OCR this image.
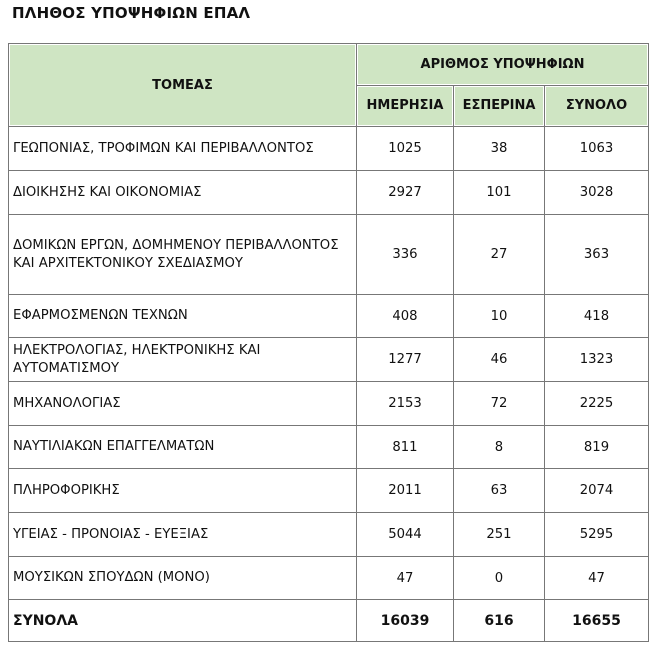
ΠΛΗΘΟΣ ΥΠΟΨΗΦΙΩΝ ΕΠΑΛ
ΤΟΜΕΑΣ	ΑΡΙΘΜΟΣ ΥΠΟΨΗΦΙΩΝ		
	ΗΜΕΡΗΣΙΑ	ΕΣΠΕΡΙΝΑ	ΣΥΝΟΛΟ
ΓΕΩΠΟΝΙΑΣ, ΤΡΟΦΙΜΩΝ ΚΑΙ ΠΕΡΙΒΑΛΛΟΝΤΟΣ	1025	38	1063
ΔΙΟΙΚΗΣΗΣ ΚΑΙ ΟΙΚΟΝΟΜΙΑΣ	2927	101	3028
ΔΟΜΙΚΩΝ ΕΡΓΩΝ, ΔΟΜΗΜΕΝΟΥ ΠΕΡΙΒΑΛΛΟΝΤΟΣ ΚΑΙ ΑΡΧΙΤΕΚΤΟΝΙΚΟΥ ΣΧΕΔΙΑΣΜΟΥ	336	27	363
ΕΦΑΡΜΟΣΜΕΝΩΝ ΤΕΧΝΩΝ	408	10	418
ΗΛΕΚΤΡΟΛΟΓΙΑΣ, ΗΛΕΚΤΡΟΝΙΚΗΣ ΚΑΙ ΑΥΤΟΜΑΤΙΣΜΟΥ	1277	46	1323
ΜΗΧΑΝΟΛΟΓΙΑΣ	2153	72	2225
ΝΑΥΤΙΛΙΑΚΩΝ ΕΠΑΓΓΕΛΜΑΤΩΝ	811	8	819
ΠΛΗΡΟΦΟΡΙΚΗΣ	2011	63	2074
ΥΓΕΙΑΣ - ΠΡΟΝΟΙΑΣ - ΕΥΕΞΙΑΣ	5044	251	5295
ΜΟΥΣΙΚΩΝ ΣΠΟΥΔΩΝ (ΜΟΝΟ)	47	0	47
ΣΥΝΟΛΑ	16039	616	16655
